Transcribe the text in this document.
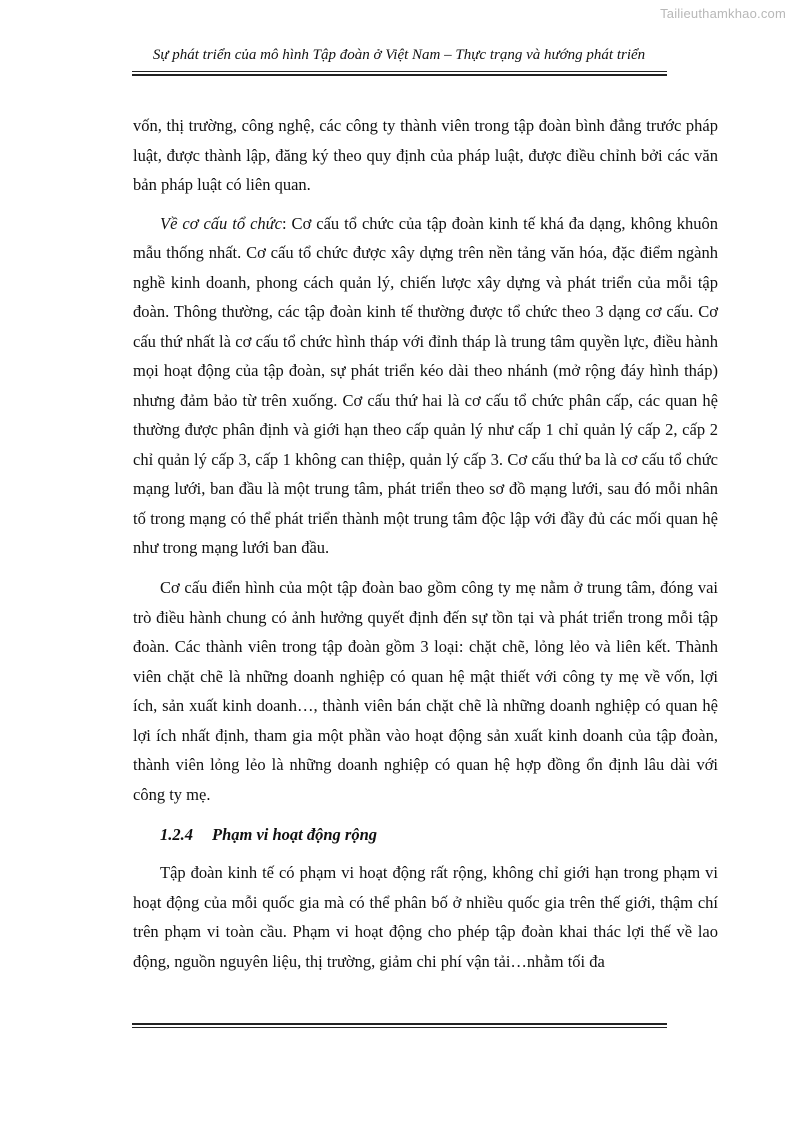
Tailieuthamkhao.com
Sự phát triển của mô hình Tập đoàn ở Việt Nam – Thực trạng và hướng phát triển

vốn, thị trường, công nghệ, các công ty thành viên trong tập đoàn bình đẳng trước pháp luật, được thành lập, đăng ký theo quy định của pháp luật, được điều chỉnh bởi các văn bản pháp luật có liên quan.

Về cơ cấu tổ chức: Cơ cấu tổ chức của tập đoàn kinh tế khá đa dạng, không khuôn mẫu thống nhất. Cơ cấu tổ chức được xây dựng trên nền tảng văn hóa, đặc điểm ngành nghề kinh doanh, phong cách quản lý, chiến lược xây dựng và phát triển của mỗi tập đoàn. Thông thường, các tập đoàn kinh tế thường được tổ chức theo 3 dạng cơ cấu. Cơ cấu thứ nhất là cơ cấu tổ chức hình tháp với đỉnh tháp là trung tâm quyền lực, điều hành mọi hoạt động của tập đoàn, sự phát triển kéo dài theo nhánh (mở rộng đáy hình tháp) nhưng đảm bảo từ trên xuống. Cơ cấu thứ hai là cơ cấu tổ chức phân cấp, các quan hệ thường được phân định và giới hạn theo cấp quản lý như cấp 1 chỉ quản lý cấp 2, cấp 2 chỉ quản lý cấp 3, cấp 1 không can thiệp, quản lý cấp 3. Cơ cấu thứ ba là cơ cấu tổ chức mạng lưới, ban đầu là một trung tâm, phát triển theo sơ đồ mạng lưới, sau đó mỗi nhân tố trong mạng có thể phát triển thành một trung tâm độc lập với đầy đủ các mối quan hệ như trong mạng lưới ban đầu.

Cơ cấu điển hình của một tập đoàn bao gồm công ty mẹ nằm ở trung tâm, đóng vai trò điều hành chung có ảnh hưởng quyết định đến sự tồn tại và phát triển trong mỗi tập đoàn. Các thành viên trong tập đoàn gồm 3 loại: chặt chẽ, lỏng lẻo và liên kết. Thành viên chặt chẽ là những doanh nghiệp có quan hệ mật thiết với công ty mẹ về vốn, lợi ích, sản xuất kinh doanh…, thành viên bán chặt chẽ là những doanh nghiệp có quan hệ lợi ích nhất định, tham gia một phần vào hoạt động sản xuất kinh doanh của tập đoàn, thành viên lỏng lẻo là những doanh nghiệp có quan hệ hợp đồng ổn định lâu dài với công ty mẹ.

1.2.4 Phạm vi hoạt động rộng

Tập đoàn kinh tế có phạm vi hoạt động rất rộng, không chỉ giới hạn trong phạm vi hoạt động của mỗi quốc gia mà có thể phân bố ở nhiều quốc gia trên thế giới, thậm chí trên phạm vi toàn cầu. Phạm vi hoạt động cho phép tập đoàn khai thác lợi thế về lao động, nguồn nguyên liệu, thị trường, giảm chi phí vận tải…nhằm tối đa
